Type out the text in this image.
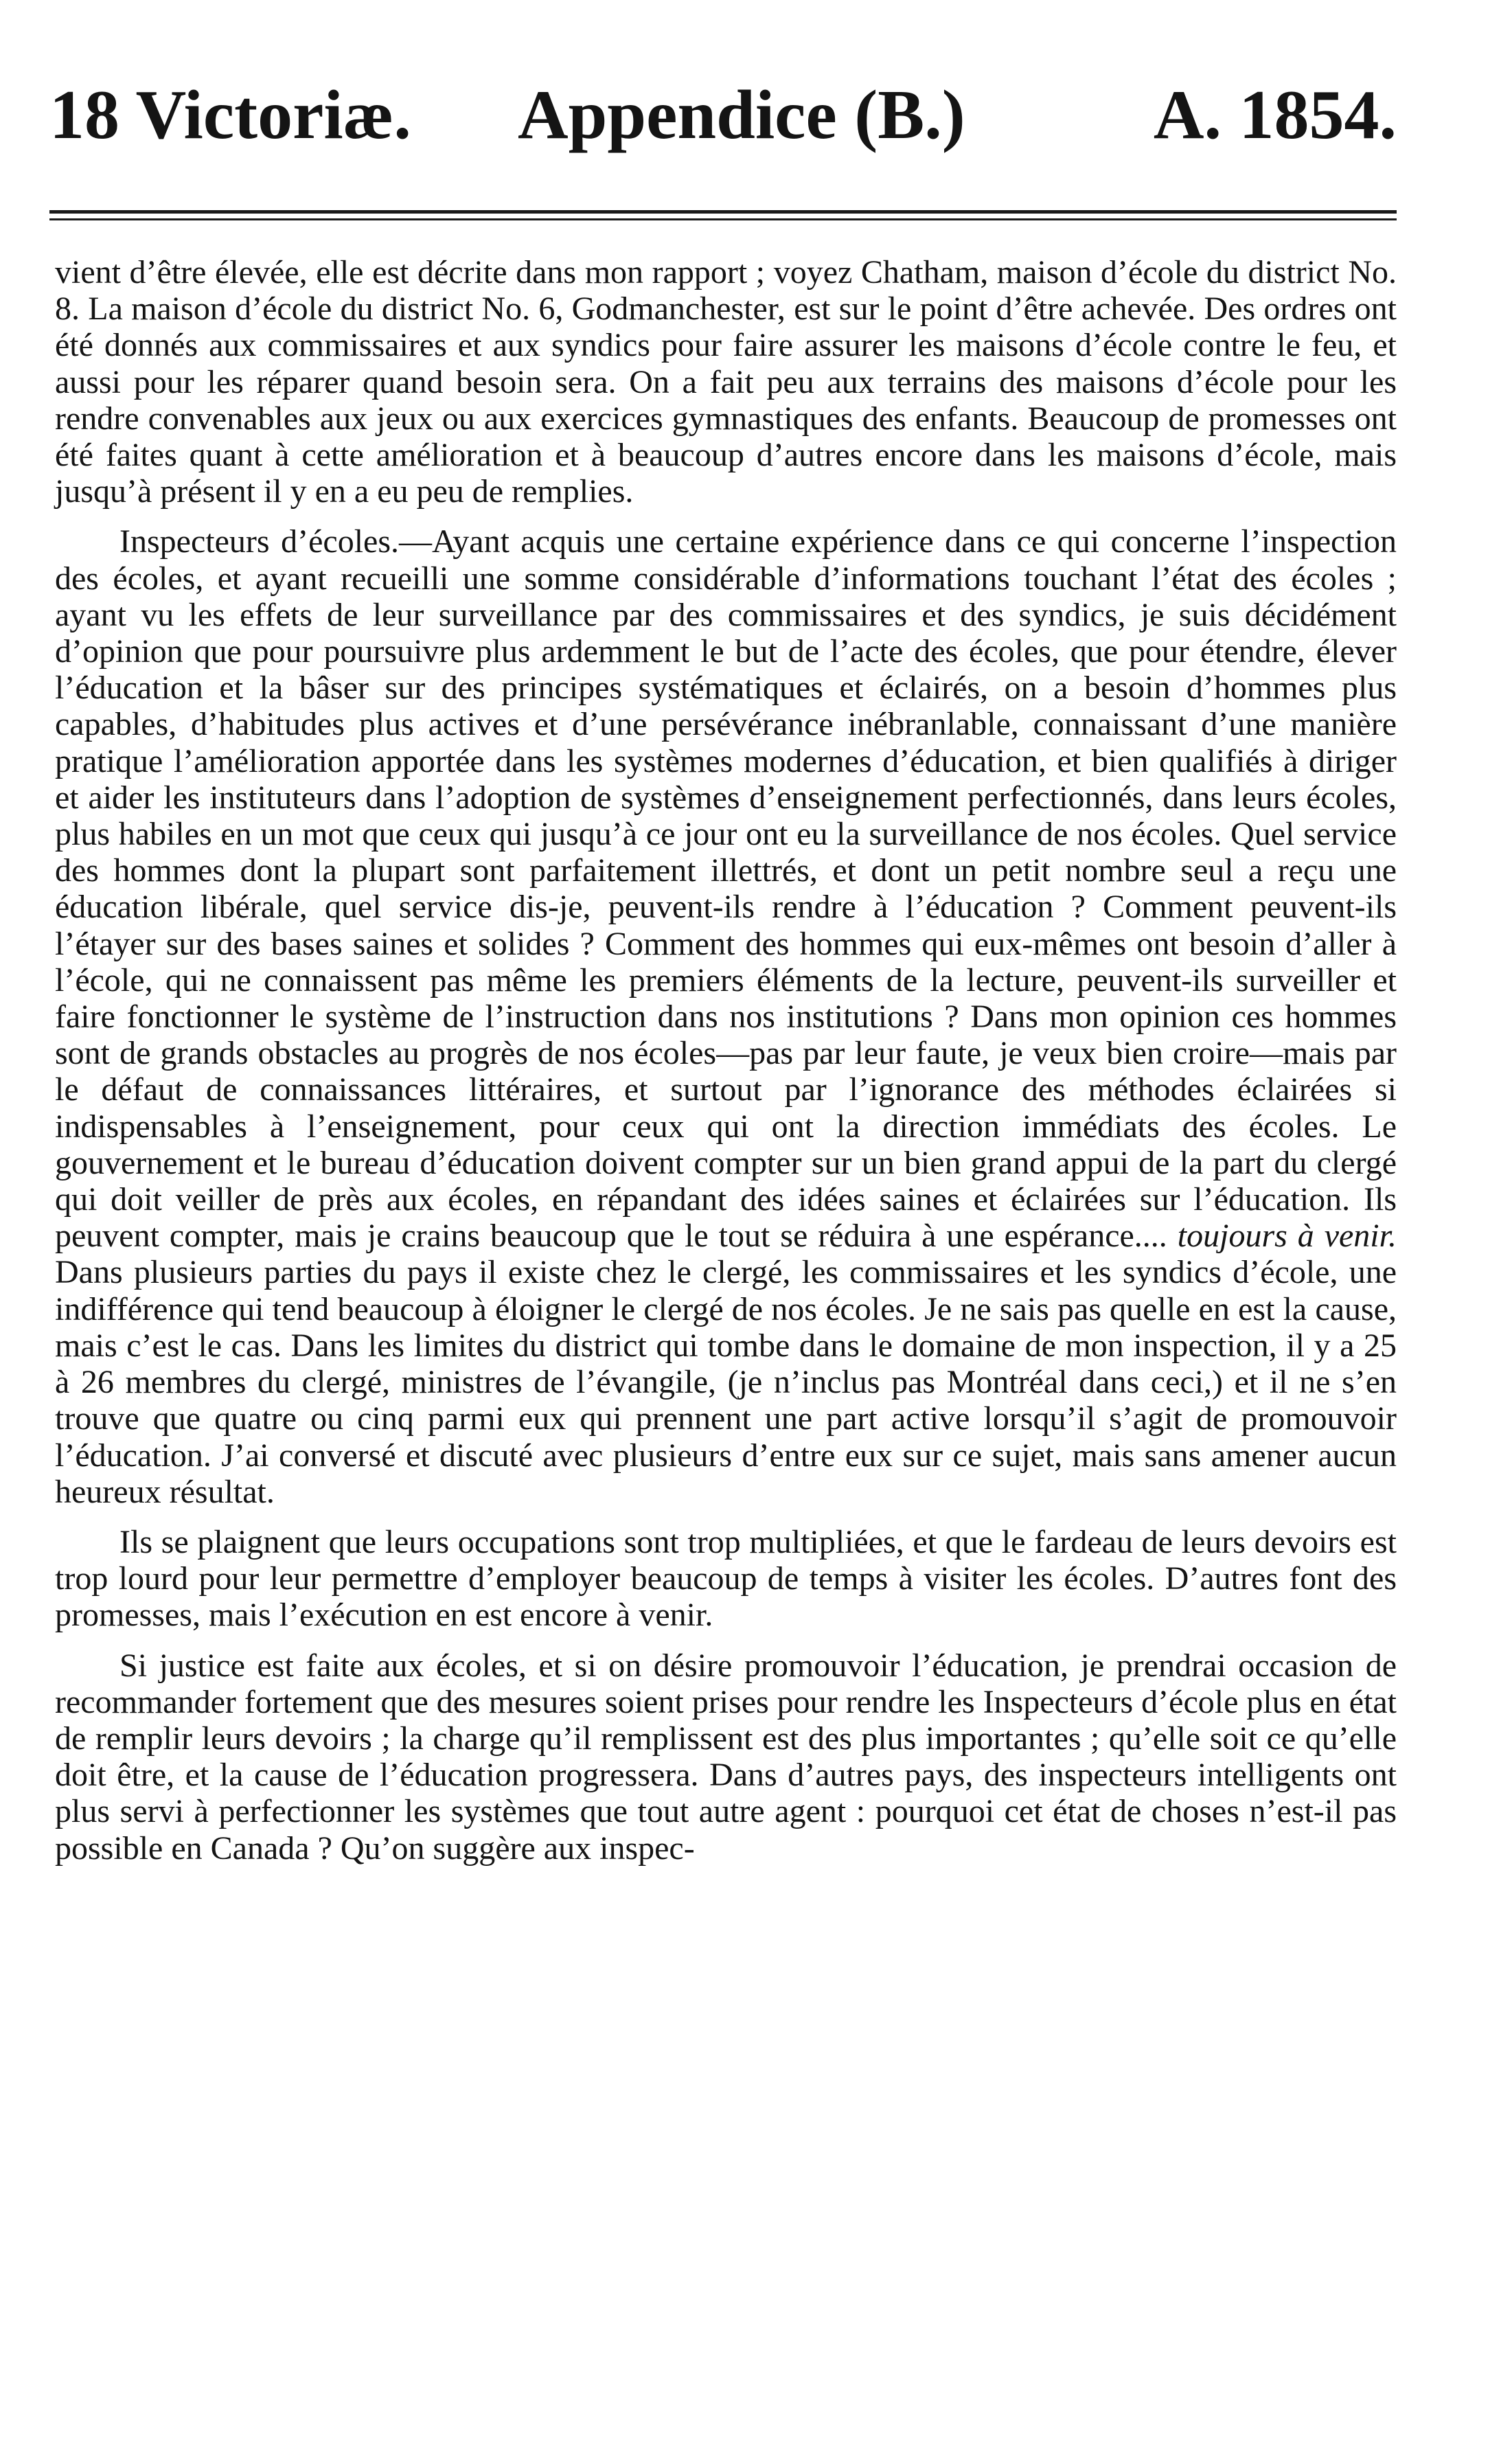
18 Victoriæ. Appendice (B.)	A. 1854.

vient d’être élevée, elle est décrite dans mon rapport ; voyez Chatham, maison d’école du district No. 8. La maison d’école du district No. 6, Godmanchester, est sur le point d’être achevée. Des ordres ont été donnés aux commissaires et aux syndics pour faire assurer les maisons d’école contre le feu, et aussi pour les réparer quand besoin sera. On a fait peu aux terrains des maisons d’école pour les rendre convenables aux jeux ou aux exercices gymnastiques des enfants. Beaucoup de promesses ont été faites quant à cette amélioration et à beaucoup d’autres encore dans les maisons d’école, mais jusqu’à présent il y en a eu peu de remplies.

Inspecteurs d’écoles.—Ayant acquis une certaine expérience dans ce qui concerne l’inspection des écoles, et ayant recueilli une somme considérable d’informations touchant l’état des écoles ; ayant vu les effets de leur surveillance par des commissaires et des syndics, je suis décidément d’opinion que pour poursuivre plus ardemment le but de l’acte des écoles, que pour étendre, élever l’éducation et la bâser sur des principes systématiques et éclairés, on a besoin d’hommes plus capables, d’habitudes plus actives et d’une persévérance inébranlable, connaissant d’une manière pratique l’amélioration apportée dans les systèmes modernes d’éducation, et bien qualifiés à diriger et aider les instituteurs dans l’adoption de systèmes d’enseignement perfectionnés, dans leurs écoles, plus habiles en un mot que ceux qui jusqu’à ce jour ont eu la surveillance de nos écoles. Quel service des hommes dont la plupart sont parfaitement illettrés, et dont un petit nombre seul a reçu une éducation libérale, quel service dis-je, peuvent-ils rendre à l’éducation ? Comment peuvent-ils l’étayer sur des bases saines et solides ? Comment des hommes qui eux-mêmes ont besoin d’aller à l’école, qui ne connaissent pas même les premiers éléments de la lecture, peuvent-ils surveiller et faire fonctionner le système de l’instruction dans nos institutions ? Dans mon opinion ces hommes sont de grands obstacles au progrès de nos écoles—pas par leur faute, je veux bien croire—mais par le défaut de connaissances littéraires, et surtout par l’ignorance des méthodes éclairées si indispensables à l’enseignement, pour ceux qui ont la direction immédiats des écoles. Le gouvernement et le bureau d’éducation doivent compter sur un bien grand appui de la part du clergé qui doit veiller de près aux écoles, en répandant des idées saines et éclairées sur l’éducation. Ils peuvent compter, mais je crains beaucoup que le tout se réduira à une espérance.... toujours à venir. Dans plusieurs parties du pays il existe chez le clergé, les commissaires et les syndics d’école, une indifférence qui tend beaucoup à éloigner le clergé de nos écoles. Je ne sais pas quelle en est la cause, mais c’est le cas. Dans les limites du district qui tombe dans le domaine de mon inspection, il y a 25 à 26 membres du clergé, ministres de l’évangile, (je n’inclus pas Montréal dans ceci,) et il ne s’en trouve que quatre ou cinq parmi eux qui prennent une part active lorsqu’il s’agit de promouvoir l’éducation. J’ai conversé et discuté avec plusieurs d’entre eux sur ce sujet, mais sans amener aucun heureux résultat.

Ils se plaignent que leurs occupations sont trop multipliées, et que le fardeau de leurs devoirs est trop lourd pour leur permettre d’employer beaucoup de temps à visiter les écoles. D’autres font des promesses, mais l’exécution en est encore à venir.

Si justice est faite aux écoles, et si on désire promouvoir l’éducation, je prendrai occasion de recommander fortement que des mesures soient prises pour rendre les Inspecteurs d’école plus en état de remplir leurs devoirs ; la charge qu’il remplissent est des plus importantes ; qu’elle soit ce qu’elle doit être, et la cause de l’éducation progressera. Dans d’autres pays, des inspecteurs intelligents ont plus servi à perfectionner les systèmes que tout autre agent : pourquoi cet état de choses n’est-il pas possible en Canada ? Qu’on suggère aux inspec-
